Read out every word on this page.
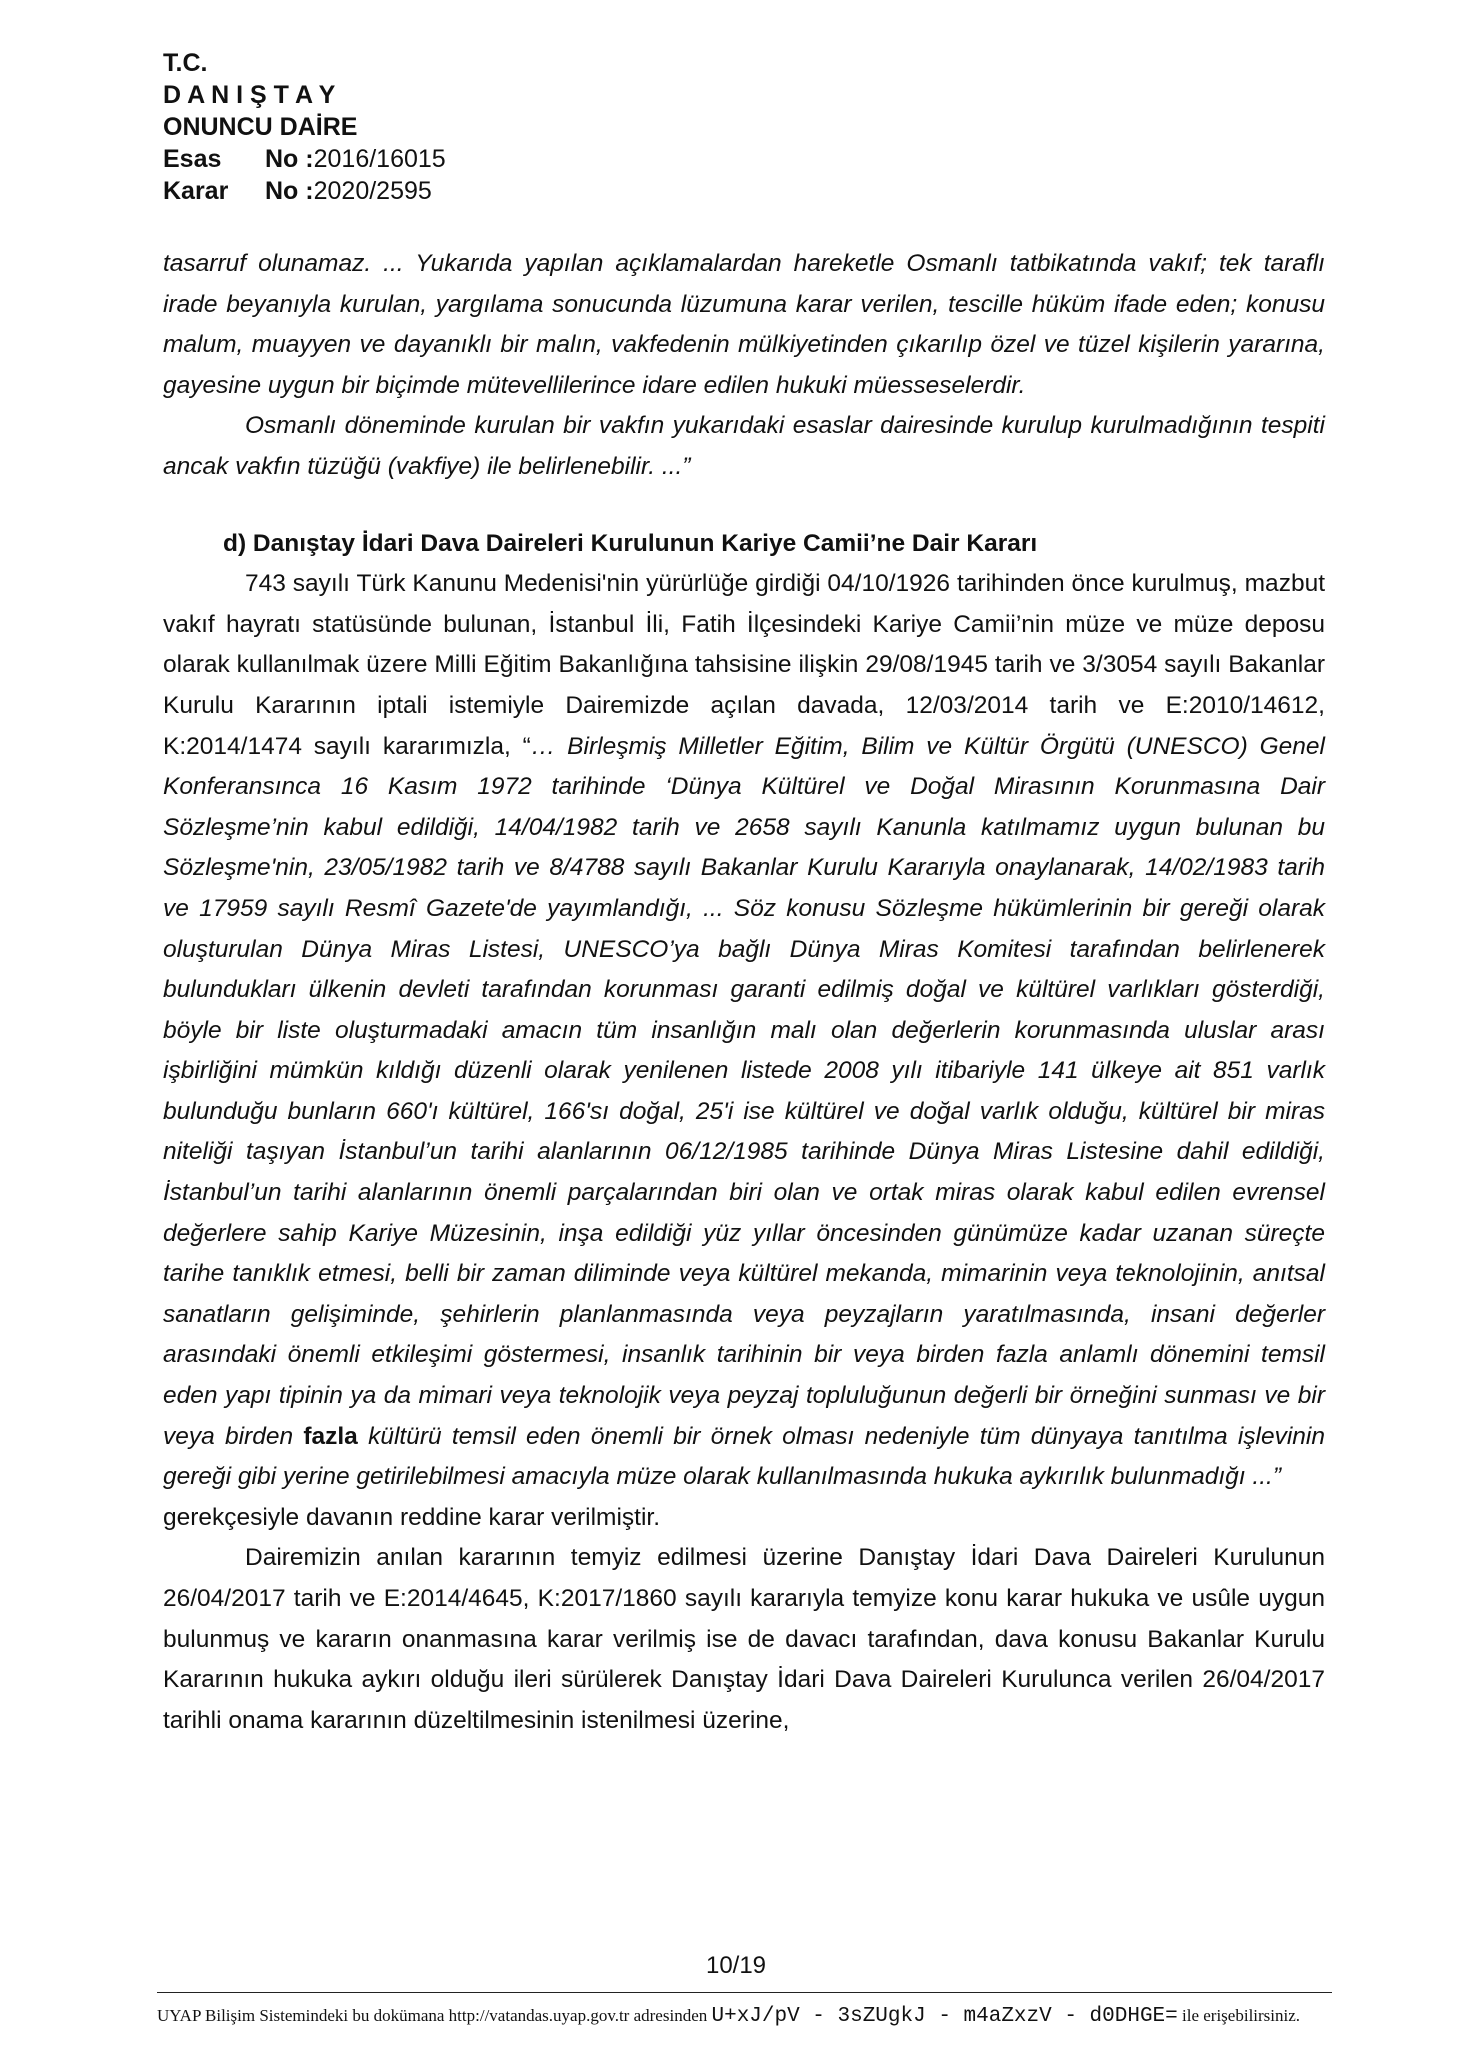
T.C.
D A N I Ş T A Y
ONUNCU DAİRE
Esas No :2016/16015
Karar No :2020/2595

tasarruf olunamaz. ... Yukarıda yapılan açıklamalardan hareketle Osmanlı tatbikatında vakıf; tek taraflı irade beyanıyla kurulan, yargılama sonucunda lüzumuna karar verilen, tescille hüküm ifade eden; konusu malum, muayyen ve dayanıklı bir malın, vakfedenin mülkiyetinden çıkarılıp özel ve tüzel kişilerin yararına, gayesine uygun bir biçimde mütevellilerince idare edilen hukuki müesseselerdir.

Osmanlı döneminde kurulan bir vakfın yukarıdaki esaslar dairesinde kurulup kurulmadığının tespiti ancak vakfın tüzüğü (vakfiye) ile belirlenebilir. ...”

d) Danıştay İdari Dava Daireleri Kurulunun Kariye Camii’ne Dair Kararı

743 sayılı Türk Kanunu Medenisi'nin yürürlüğe girdiği 04/10/1926 tarihinden önce kurulmuş, mazbut vakıf hayratı statüsünde bulunan, İstanbul İli, Fatih İlçesindeki Kariye Camii’nin müze ve müze deposu olarak kullanılmak üzere Milli Eğitim Bakanlığına tahsisine ilişkin 29/08/1945 tarih ve 3/3054 sayılı Bakanlar Kurulu Kararının iptali istemiyle Dairemizde açılan davada, 12/03/2014 tarih ve E:2010/14612, K:2014/1474 sayılı kararımızla, “… Birleşmiş Milletler Eğitim, Bilim ve Kültür Örgütü (UNESCO) Genel Konferansınca 16 Kasım 1972 tarihinde ‘Dünya Kültürel ve Doğal Mirasının Korunmasına Dair Sözleşme’nin kabul edildiği, 14/04/1982 tarih ve 2658 sayılı Kanunla katılmamız uygun bulunan bu Sözleşme'nin, 23/05/1982 tarih ve 8/4788 sayılı Bakanlar Kurulu Kararıyla onaylanarak, 14/02/1983 tarih ve 17959 sayılı Resmî Gazete'de yayımlandığı, ... Söz konusu Sözleşme hükümlerinin bir gereği olarak oluşturulan Dünya Miras Listesi, UNESCO’ya bağlı Dünya Miras Komitesi tarafından belirlenerek bulundukları ülkenin devleti tarafından korunması garanti edilmiş doğal ve kültürel varlıkları gösterdiği, böyle bir liste oluşturmadaki amacın tüm insanlığın malı olan değerlerin korunmasında uluslar arası işbirliğini mümkün kıldığı düzenli olarak yenilenen listede 2008 yılı itibariyle 141 ülkeye ait 851 varlık bulunduğu bunların 660'ı kültürel, 166'sı doğal, 25'i ise kültürel ve doğal varlık olduğu, kültürel bir miras niteliği taşıyan İstanbul’un tarihi alanlarının 06/12/1985 tarihinde Dünya Miras Listesine dahil edildiği, İstanbul’un tarihi alanlarının önemli parçalarından biri olan ve ortak miras olarak kabul edilen evrensel değerlere sahip Kariye Müzesinin, inşa edildiği yüz yıllar öncesinden günümüze kadar uzanan süreçte tarihe tanıklık etmesi, belli bir zaman diliminde veya kültürel mekanda, mimarinin veya teknolojinin, anıtsal sanatların gelişiminde, şehirlerin planlanmasında veya peyzajların yaratılmasında, insani değerler arasındaki önemli etkileşimi göstermesi, insanlık tarihinin bir veya birden fazla anlamlı dönemini temsil eden yapı tipinin ya da mimari veya teknolojik veya peyzaj topluluğunun değerli bir örneğini sunması ve bir veya birden fazla kültürü temsil eden önemli bir örnek olması nedeniyle tüm dünyaya tanıtılma işlevinin gereği gibi yerine getirilebilmesi amacıyla müze olarak kullanılmasında hukuka aykırılık bulunmadığı ...”

gerekçesiyle davanın reddine karar verilmiştir.

Dairemizin anılan kararının temyiz edilmesi üzerine Danıştay İdari Dava Daireleri Kurulunun 26/04/2017 tarih ve E:2014/4645, K:2017/1860 sayılı kararıyla temyize konu karar hukuka ve usûle uygun bulunmuş ve kararın onanmasına karar verilmiş ise de davacı tarafından, dava konusu Bakanlar Kurulu Kararının hukuka aykırı olduğu ileri sürülerek Danıştay İdari Dava Daireleri Kurulunca verilen 26/04/2017 tarihli onama kararının düzeltilmesinin istenilmesi üzerine,

10/19
UYAP Bilişim Sistemindeki bu dokümana http://vatandas.uyap.gov.tr adresinden U+xJ/pV - 3sZUgkJ - m4aZxzV - d0DHGE= ile erişebilirsiniz.
